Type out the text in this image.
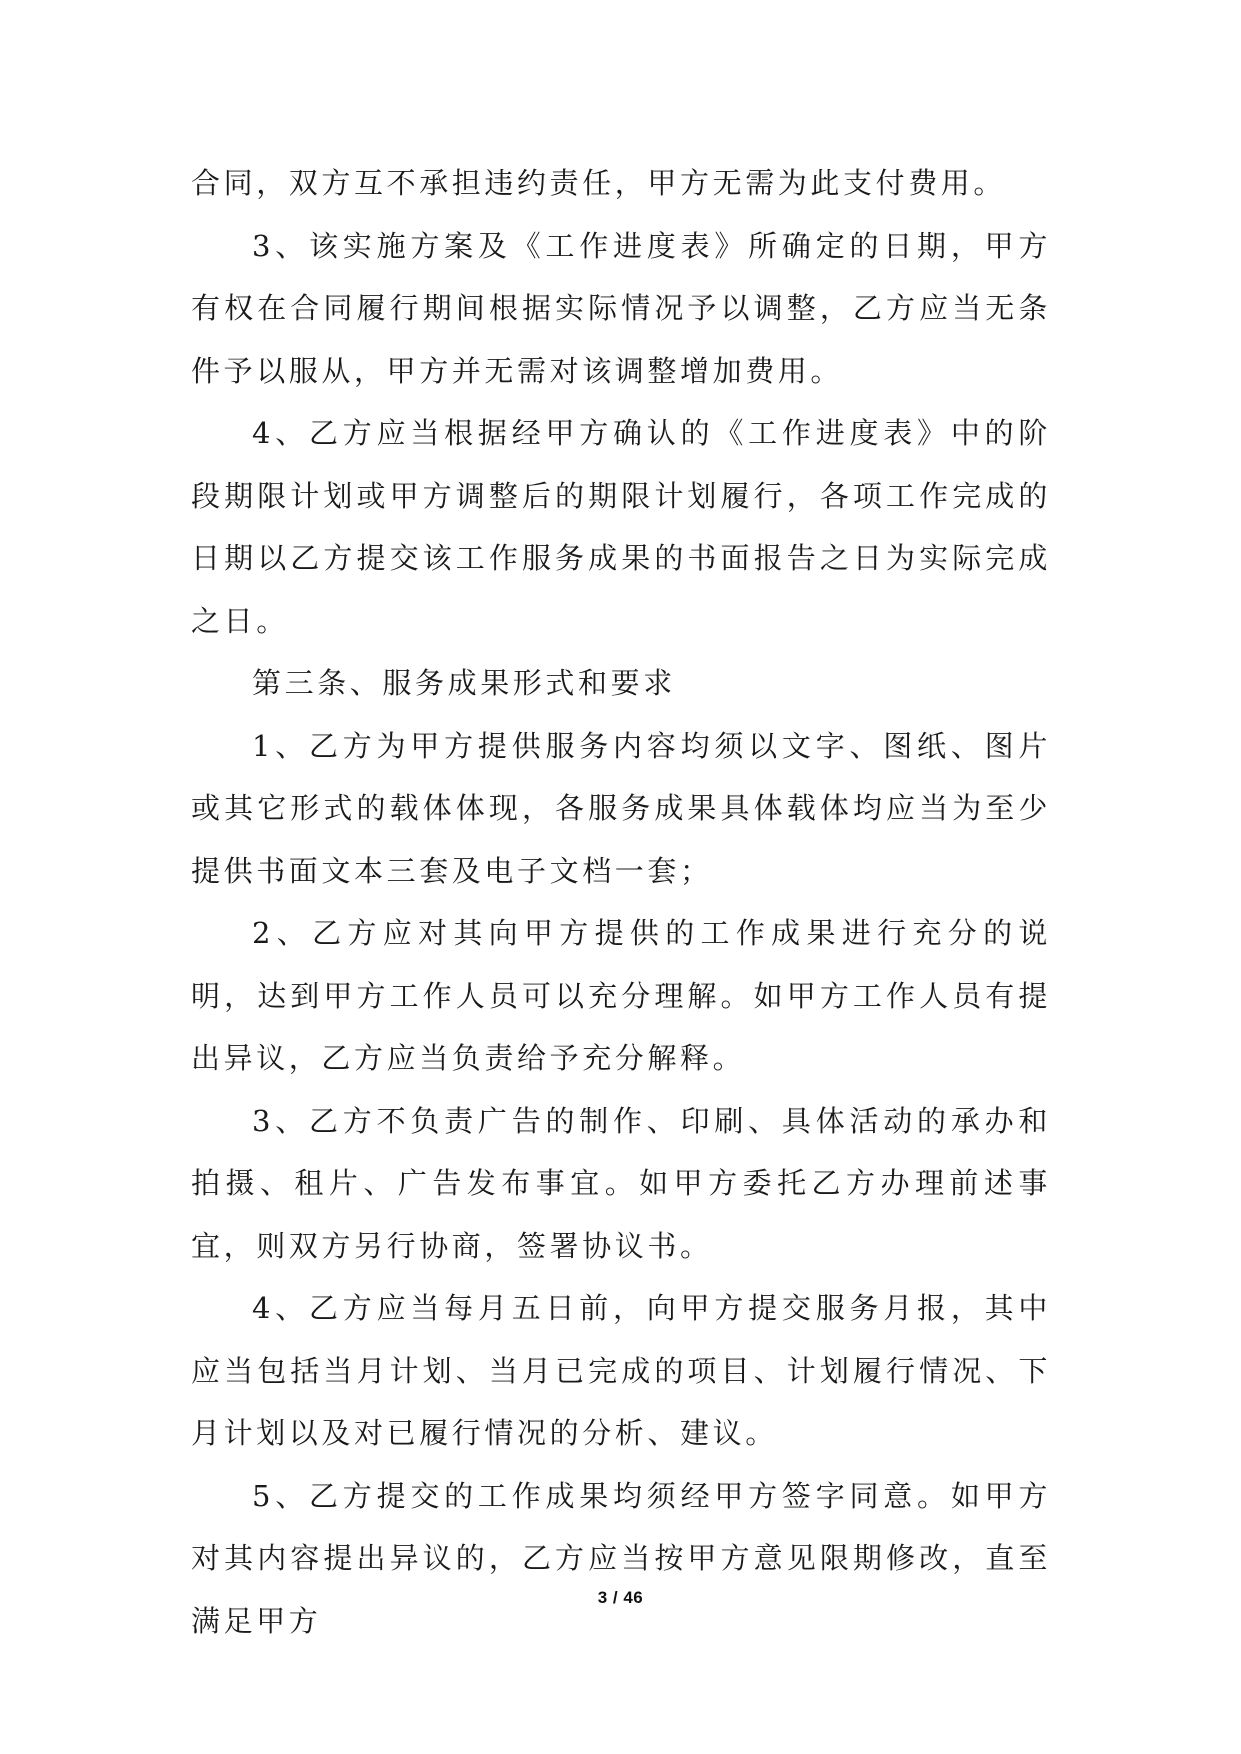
合同，双方互不承担违约责任，甲方无需为此支付费用。

3、该实施方案及《工作进度表》所确定的日期，甲方有权在合同履行期间根据实际情况予以调整，乙方应当无条件予以服从，甲方并无需对该调整增加费用。

4、乙方应当根据经甲方确认的《工作进度表》中的阶段期限计划或甲方调整后的期限计划履行，各项工作完成的日期以乙方提交该工作服务成果的书面报告之日为实际完成之日。

第三条、服务成果形式和要求

1、乙方为甲方提供服务内容均须以文字、图纸、图片或其它形式的载体体现，各服务成果具体载体均应当为至少提供书面文本三套及电子文档一套；

2、乙方应对其向甲方提供的工作成果进行充分的说明，达到甲方工作人员可以充分理解。如甲方工作人员有提出异议，乙方应当负责给予充分解释。

3、乙方不负责广告的制作、印刷、具体活动的承办和拍摄、租片、广告发布事宜。如甲方委托乙方办理前述事宜，则双方另行协商，签署协议书。

4、乙方应当每月五日前，向甲方提交服务月报，其中应当包括当月计划、当月已完成的项目、计划履行情况、下月计划以及对已履行情况的分析、建议。

5、乙方提交的工作成果均须经甲方签字同意。如甲方对其内容提出异议的，乙方应当按甲方意见限期修改，直至满足甲方

3 / 46
